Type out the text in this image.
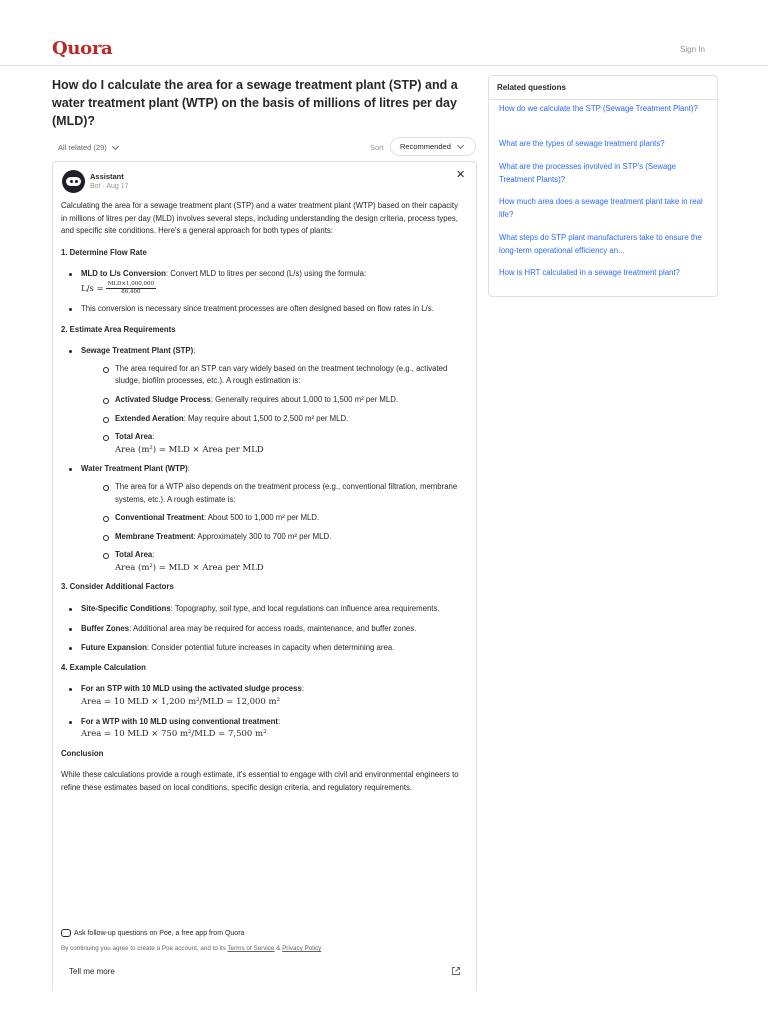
Quora	Sign In
How do I calculate the area for a sewage treatment plant (STP) and a water treatment plant (WTP) on the basis of millions of litres per day (MLD)?
All related (29)	Sort Recommended
Assistant
Bot · Aug 17
✕

Calculating the area for a sewage treatment plant (STP) and a water treatment plant (WTP) based on their capacity in millions of litres per day (MLD) involves several steps, including understanding the design criteria, process types, and specific site conditions. Here's a general approach for both types of plants:

1. Determine Flow Rate
MLD to L/s Conversion: Convert MLD to litres per second (L/s) using the formula:
$L/s = \frac{\text{MLD×1,000,000}}{86,400}$
This conversion is necessary since treatment processes are often designed based on flow rates in L/s.
2. Estimate Area Requirements
Sewage Treatment Plant (STP):
The area required for an STP can vary widely based on the treatment technology (e.g., activated sludge, biofilm processes, etc.). A rough estimation is:
Activated Sludge Process: Generally requires about 1,000 to 1,500 m² per MLD.
Extended Aeration: May require about 1,500 to 2,500 m² per MLD.
Total Area:
Area (m²) = MLD × Area per MLD
Water Treatment Plant (WTP):
The area for a WTP also depends on the treatment process (e.g., conventional filtration, membrane systems, etc.). A rough estimate is:
Conventional Treatment: About 500 to 1,000 m² per MLD.
Membrane Treatment: Approximately 300 to 700 m² per MLD.
Total Area:
Area (m²) = MLD × Area per MLD
3. Consider Additional Factors
Site-Specific Conditions: Topography, soil type, and local regulations can influence area requirements.
Buffer Zones: Additional area may be required for access roads, maintenance, and buffer zones.
Future Expansion: Consider potential future increases in capacity when determining area.
4. Example Calculation
For an STP with 10 MLD using the activated sludge process:
Area = 10 MLD × 1,200 m²/MLD = 12,000 m²
For a WTP with 10 MLD using conventional treatment:
Area = 10 MLD × 750 m²/MLD = 7,500 m²
Conclusion

While these calculations provide a rough estimate, it's essential to engage with civil and environmental engineers to refine these estimates based on local conditions, specific design criteria, and regulatory requirements.

Ask follow-up questions on Poe, a free app from Quora
By continuing you agree to create a Poe account, and to its Terms of Service & Privacy Policy
Tell me more
Related questions
How do we calculate the STP (Sewage Treatment Plant)?
What are the types of sewage treatment plants?
What are the processes involved in STP's (Sewage Treatment Plants)?
How much area does a sewage treatment plant take in real life?
What steps do STP plant manufacturers take to ensure the long-term operational efficiency an...
How is HRT calculated in a sewage treatment plant?
